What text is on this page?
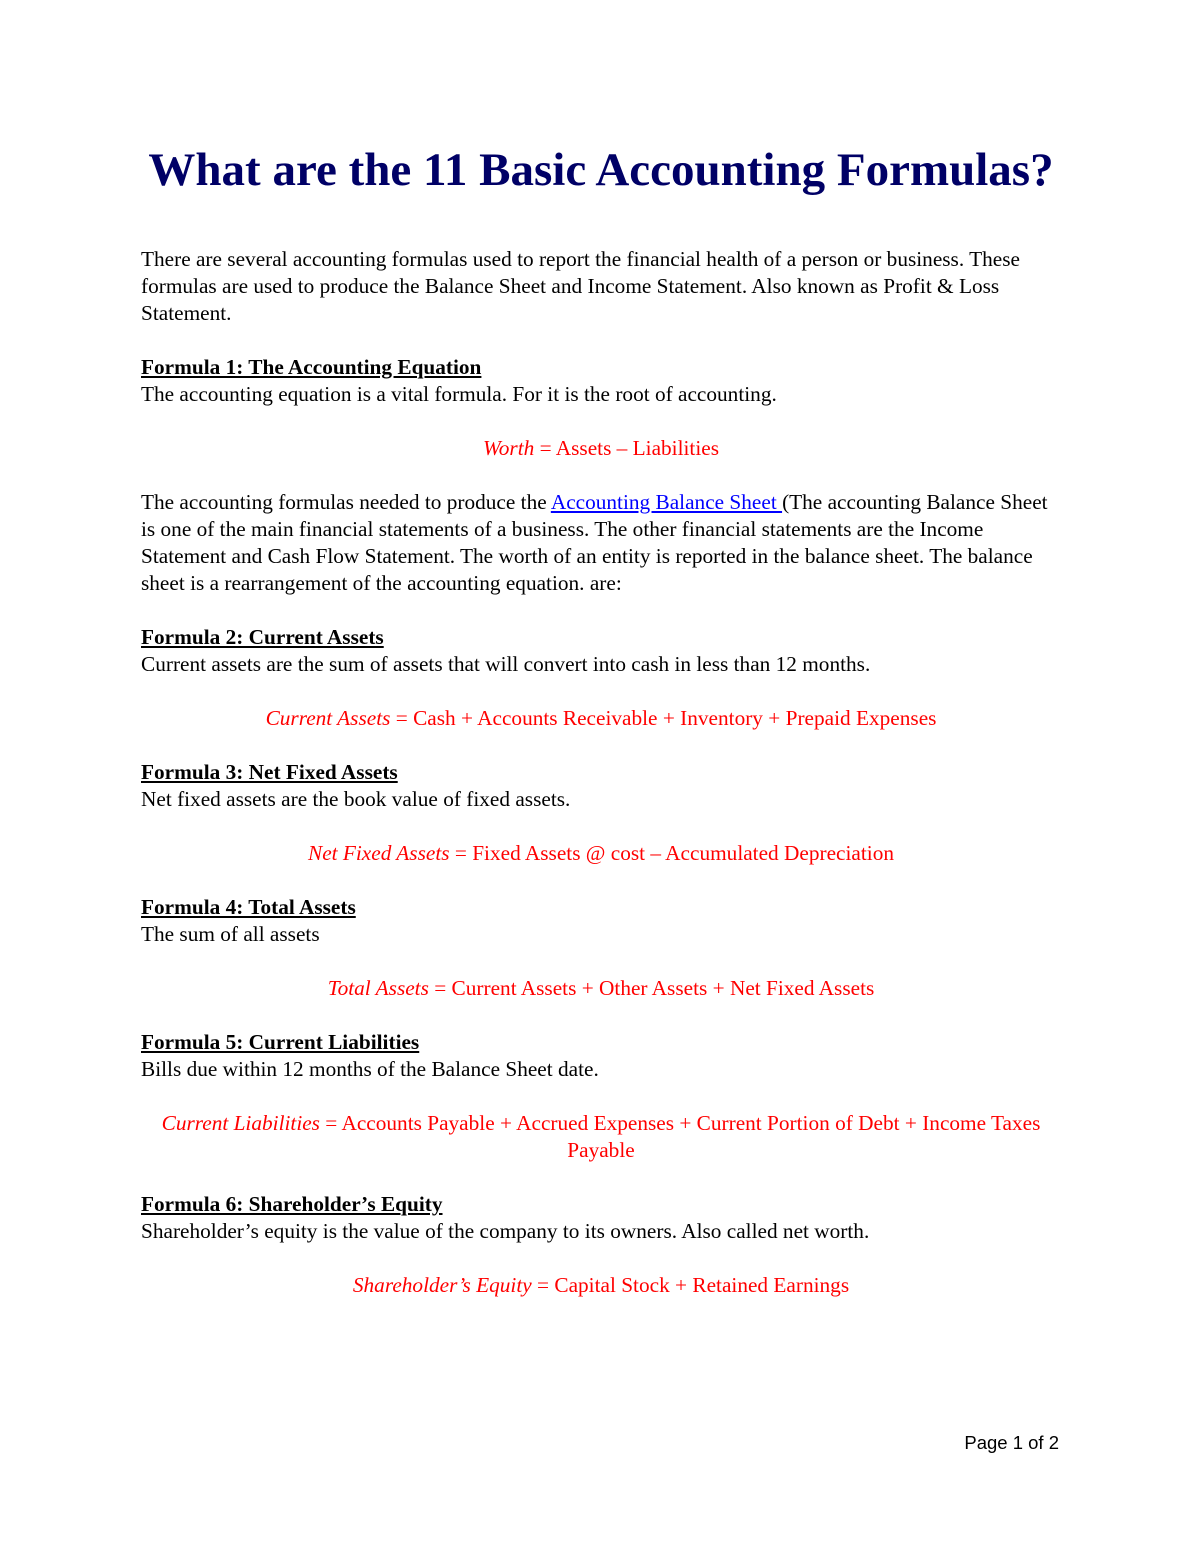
What are the 11 Basic Accounting Formulas?

There are several accounting formulas used to report the financial health of a person or business. These formulas are used to produce the Balance Sheet and Income Statement. Also known as Profit & Loss Statement.

Formula 1: The Accounting Equation

The accounting equation is a vital formula. For it is the root of accounting.

Worth = Assets – Liabilities

The accounting formulas needed to produce the Accounting Balance Sheet (The accounting Balance Sheet is one of the main financial statements of a business. The other financial statements are the Income Statement and Cash Flow Statement. The worth of an entity is reported in the balance sheet. The balance sheet is a rearrangement of the accounting equation. are:

Formula 2: Current Assets

Current assets are the sum of assets that will convert into cash in less than 12 months.

Current Assets = Cash + Accounts Receivable + Inventory + Prepaid Expenses

Formula 3: Net Fixed Assets

Net fixed assets are the book value of fixed assets.

Net Fixed Assets = Fixed Assets @ cost – Accumulated Depreciation

Formula 4: Total Assets

The sum of all assets

Total Assets = Current Assets + Other Assets + Net Fixed Assets

Formula 5: Current Liabilities

Bills due within 12 months of the Balance Sheet date.

Current Liabilities = Accounts Payable + Accrued Expenses + Current Portion of Debt + Income Taxes Payable

Formula 6: Shareholder’s Equity

Shareholder’s equity is the value of the company to its owners. Also called net worth.

Shareholder’s Equity = Capital Stock + Retained Earnings

Page 1 of 2
